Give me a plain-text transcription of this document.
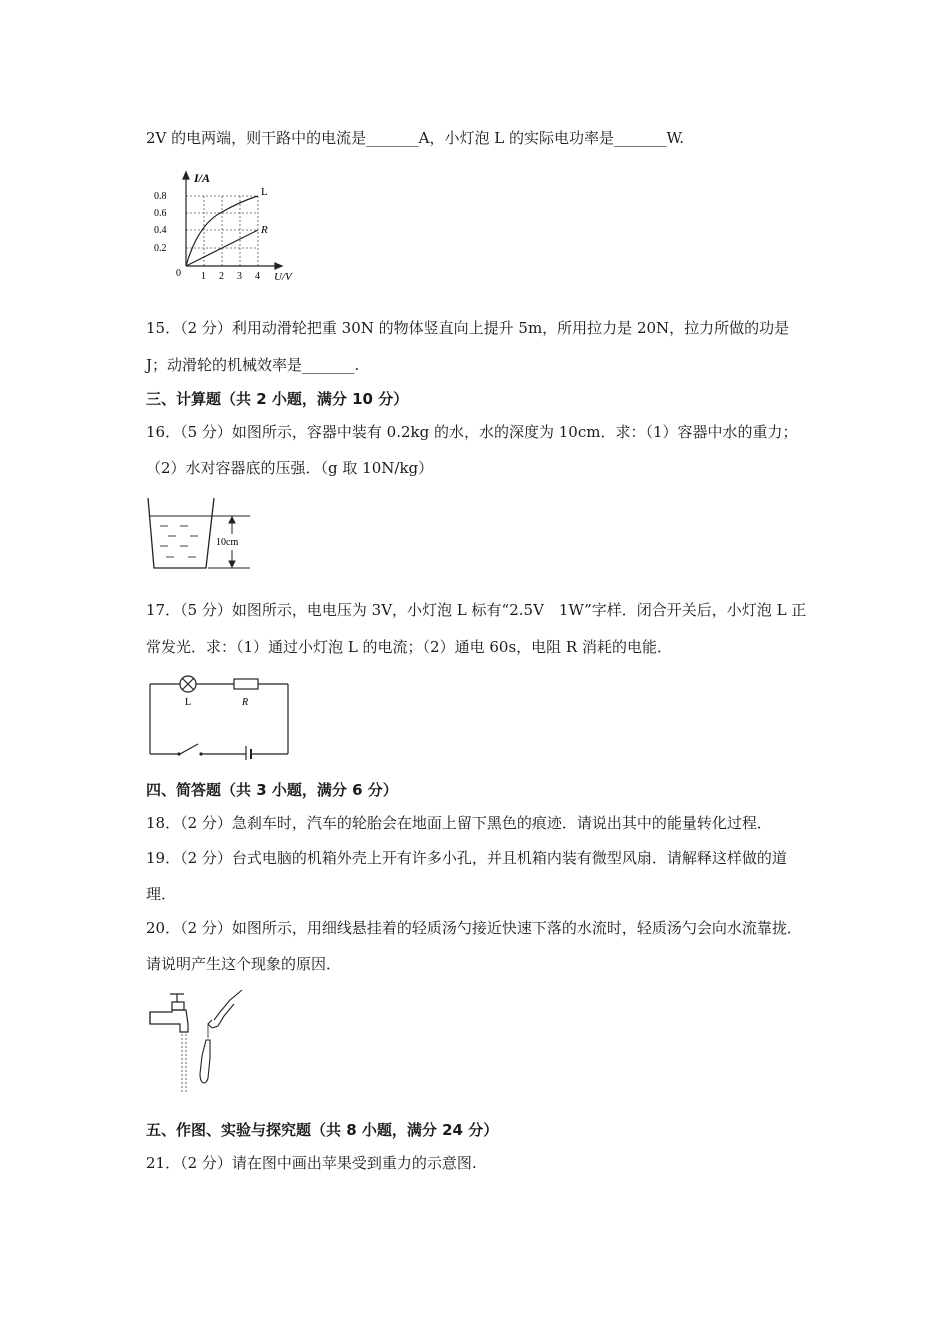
2V 的电两端，则干路中的电流是_______A，小灯泡 L 的实际电功率是_______W.
I/A
0.8
0.6
0.4
0.2
0 1 2 3 4 U/V
L
R
15．（2 分）利用动滑轮把重 30N 的物体竖直向上提升 5m，所用拉力是 20N，拉力所做的功是
J；动滑轮的机械效率是_______.
三、计算题（共 2 小题，满分 10 分）
16．（5 分）如图所示，容器中装有 0.2kg 的水，水的深度为 10cm．求：（1）容器中水的重力；
（2）水对容器底的压强．（g 取 10N/kg）
10cm
17．（5 分）如图所示，电电压为 3V，小灯泡 L 标有“2.5V　1W”字样．闭合开关后，小灯泡 L 正
常发光．求：（1）通过小灯泡 L 的电流；（2）通电 60s，电阻 R 消耗的电能．
L	R
四、简答题（共 3 小题，满分 6 分）
18．（2 分）急刹车时，汽车的轮胎会在地面上留下黑色的痕迹．请说出其中的能量转化过程．
19．（2 分）台式电脑的机箱外壳上开有许多小孔，并且机箱内装有微型风扇．请解释这样做的道
理．
20．（2 分）如图所示，用细线悬挂着的轻质汤勺接近快速下落的水流时，轻质汤勺会向水流靠拢．
请说明产生这个现象的原因．
五、作图、实验与探究题（共 8 小题，满分 24 分）
21．（2 分）请在图中画出苹果受到重力的示意图.
